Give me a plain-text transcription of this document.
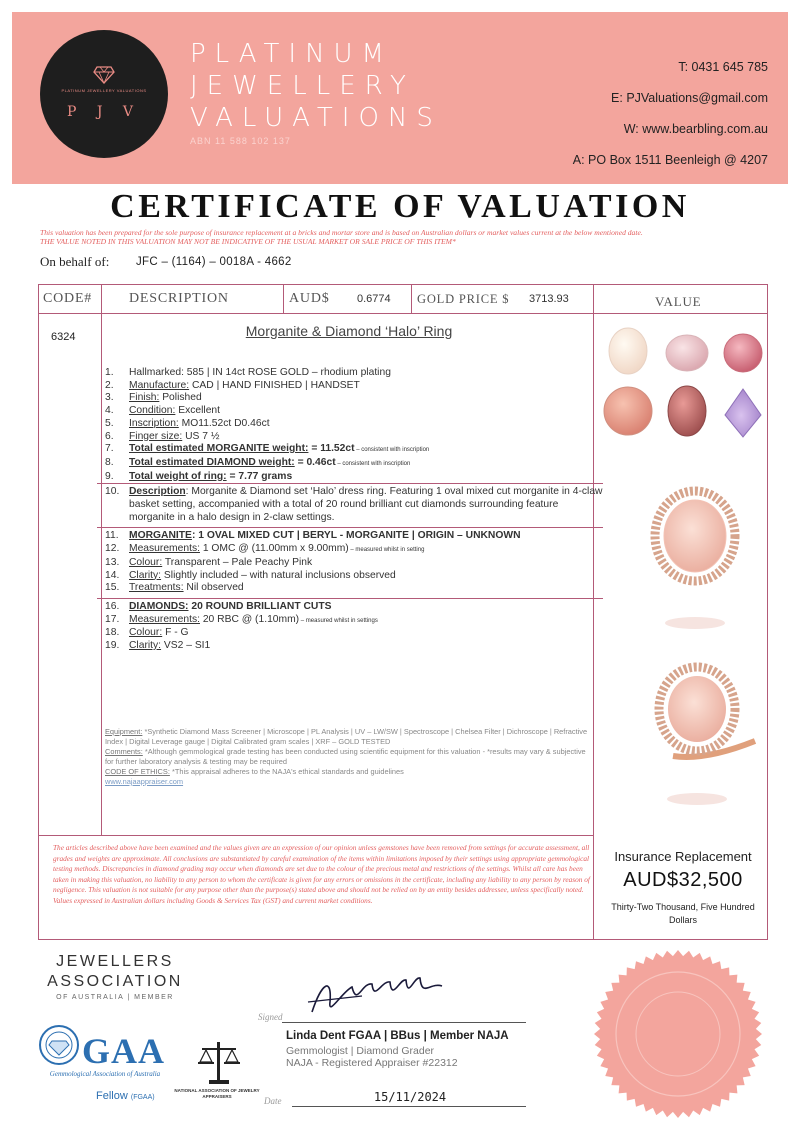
PLATINUM JEWELLERY VALUATIONS
P J V
PLATINUM
JEWELLERY
VALUATIONS
ABN 11 588 102 137
T: 0431 645 785
E: PJValuations@gmail.com
W: www.bearbling.com.au
A: PO Box 1511 Beenleigh @ 4207
CERTIFICATE OF VALUATION
This valuation has been prepared for the sole purpose of insurance replacement at a bricks and mortar store and is based on Australian dollars or market values current at the below mentioned date.
THE VALUE NOTED IN THIS VALUATION MAY NOT BE INDICATIVE OF THE USUAL MARKET OR SALE PRICE OF THIS ITEM*
On behalf of: JFC – (1164) – 0018A - 4662
CODE#	DESCRIPTION	AUD$ 0.6774 GOLD PRICE $ 3713.93	VALUE
6324	Morganite & Diamond ‘Halo’ Ring
1.	Hallmarked: 585 | IN 14ct ROSE GOLD – rhodium plating
2.	Manufacture: CAD | HAND FINISHED | HANDSET
3.	Finish: Polished
4.	Condition: Excellent
5.	Inscription: MO11.52ct D0.46ct
6.	Finger size: US 7 ½
7.	Total estimated MORGANITE weight: = 11.52ct – consistent with inscription
8.	Total estimated DIAMOND weight: = 0.46ct – consistent with inscription
9.	Total weight of ring: = 7.77 grams
10. Description: Morganite & Diamond set ‘Halo’ dress ring. Featuring 1 oval mixed cut morganite in 4-claw basket setting, accompanied with a total of 20 round brilliant cut diamonds surrounding feature morganite in a halo design in 2-claw settings.
11.	MORGANITE: 1 OVAL MIXED CUT | BERYL - MORGANITE | ORIGIN – UNKNOWN
12. Measurements: 1 OMC @ (11.00mm x 9.00mm) – measured whilst in setting
13. Colour: Transparent – Pale Peachy Pink
14. Clarity: Slightly included – with natural inclusions observed
15. Treatments: Nil observed
16. DIAMONDS: 20 ROUND BRILLIANT CUTS
17. Measurements: 20 RBC @ (1.10mm) – measured whilst in settings
18. Colour: F - G
19. Clarity: VS2 – SI1
Equipment: *Synthetic Diamond Mass Screener | Microscope | PL Analysis | UV – LW/SW | Spectroscope | Chelsea Filter | Dichroscope | Refractive Index | Digital Leverage gauge | Digital Calibrated gram scales | XRF – GOLD TESTED
Comments: *Although gemmological grade testing has been conducted using scientific equipment for this valuation - *results may vary & subjective for further laboratory analysis & testing may be required
CODE OF ETHICS: *This appraisal adheres to the NAJA's ethical standards and guidelines
www.najaappraiser.com
The articles described above have been examined and the values given are an expression of our opinion unless gemstones have been removed from settings for accurate assessment, all grades and weights are approximate. All conclusions are substantiated by careful examination of the items within limitations imposed by their settings using appropriate gemmological testing methods. Discrepancies in diamond grading may occur when diamonds are set due to the colour of the precious metal and restrictions of the settings. Whilst all care has been taken in making this valuation, no liability to any person to whom the certificate is given for any errors or omissions in the certificate, including any liability to any person by reason of negligence. This valuation is not suitable for any purpose other than the purpose(s) stated above and should not be relied on by an entity besides addressee, unless specifically noted. Values expressed in Australian dollars including Goods & Services Tax (GST) and current market conditions.
Insurance Replacement
AUD$32,500
Thirty-Two Thousand, Five Hundred Dollars
JEWELLERS
ASSOCIATION
OF AUSTRALIA | MEMBER
GAA
Gemmological Association of Australia
Fellow (FGAA)
NATIONAL ASSOCIATION OF JEWELRY APPRAISERS
Signed
Linda Dent FGAA | BBus | Member NAJA
Gemmologist | Diamond Grader
NAJA - Registered Appraiser #22312
Date	15/11/2024
